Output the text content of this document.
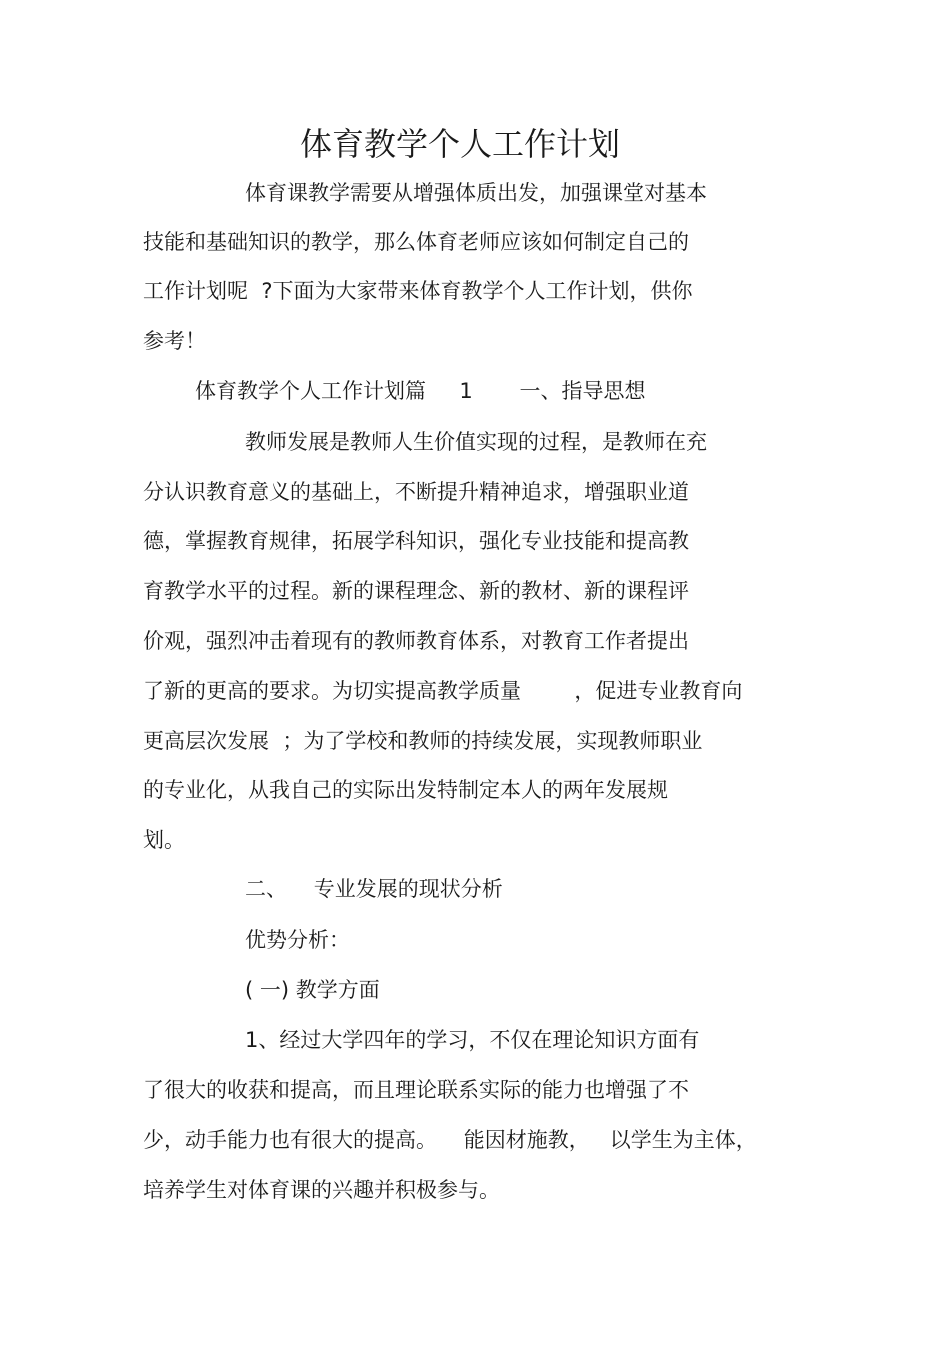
体育教学个人工作计划
体育课教学需要从增强体质出发，加强课堂对基本
技能和基础知识的教学，那么体育老师应该如何制定自己的
工作计划呢  ?下面为大家带来体育教学个人工作计划，供你
参考！
体育教学个人工作计划篇     1       一、指导思想
教师发展是教师人生价值实现的过程，是教师在充
分认识教育意义的基础上，不断提升精神追求，增强职业道
德，掌握教育规律，拓展学科知识，强化专业技能和提高教
育教学水平的过程。新的课程理念、新的教材、新的课程评
价观，强烈冲击着现有的教师教育体系，对教育工作者提出
了新的更高的要求。为切实提高教学质量        ，促进专业教育向
更高层次发展  ；为了学校和教师的持续发展，实现教师职业
的专业化，从我自己的实际出发特制定本人的两年发展规
划。
二、    专业发展的现状分析
优势分析：
( 一) 教学方面
1、经过大学四年的学习，不仅在理论知识方面有
了很大的收获和提高，而且理论联系实际的能力也增强了不
少，动手能力也有很大的提高。    能因材施教，   以学生为主体，
培养学生对体育课的兴趣并积极参与。
